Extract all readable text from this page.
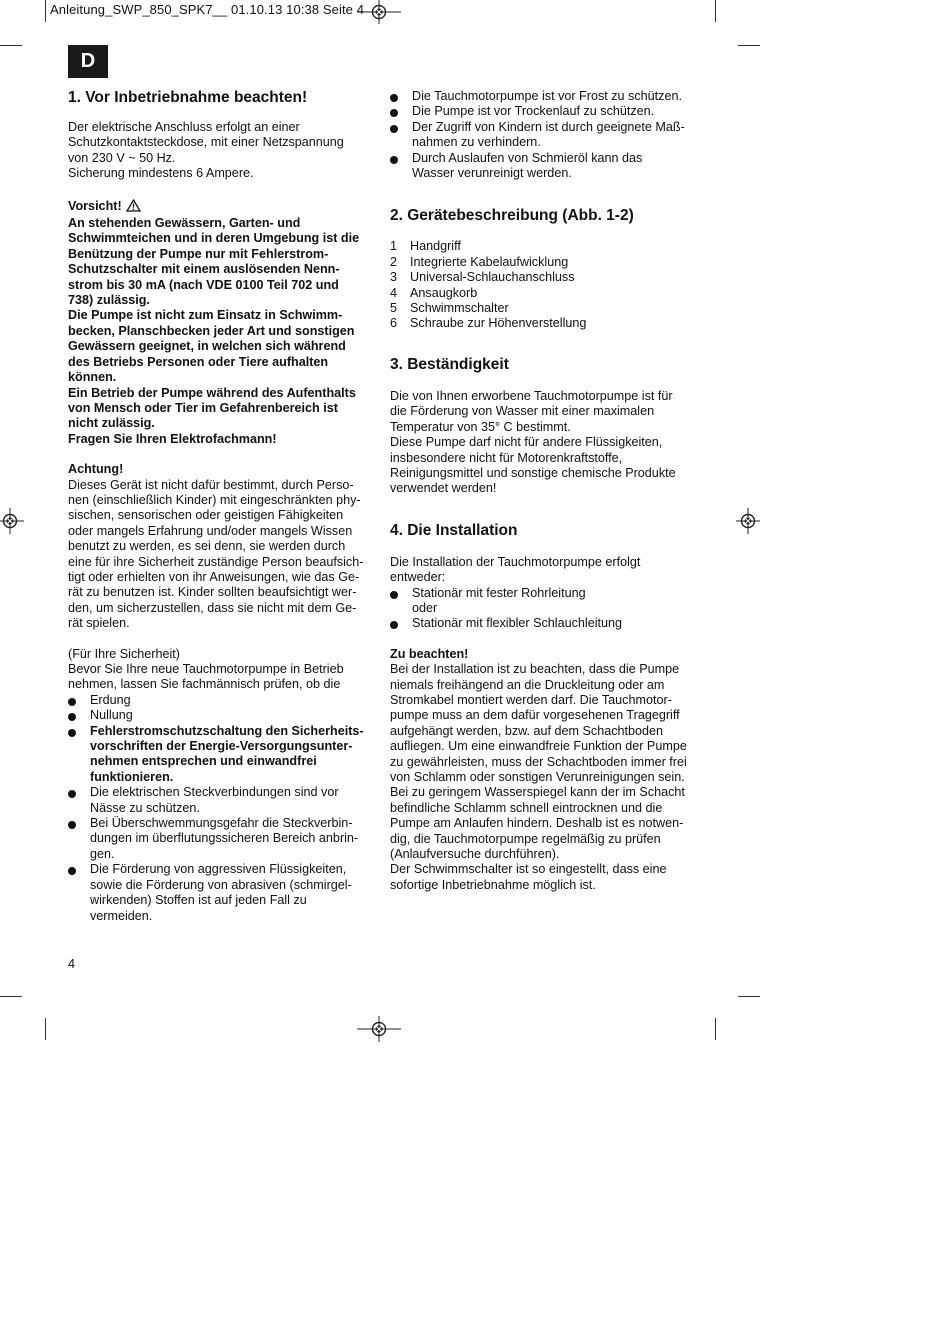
Anleitung_SWP_850_SPK7__ 01.10.13 10:38 Seite 4
D
1. Vor Inbetriebnahme beachten!

Der elektrische Anschluss erfolgt an einer
Schutzkontaktsteckdose, mit einer Netzspannung
von 230 V ~ 50 Hz.
Sicherung mindestens 6 Ampere.

Vorsicht!
An stehenden Gewässern, Garten- und
Schwimmteichen und in deren Umgebung ist die
Benützung der Pumpe nur mit Fehlerstrom-
Schutzschalter mit einem auslösenden Nenn-
strom bis 30 mA (nach VDE 0100 Teil 702 und
738) zulässig.
Die Pumpe ist nicht zum Einsatz in Schwimm-
becken, Planschbecken jeder Art und sonstigen
Gewässern geeignet, in welchen sich während
des Betriebs Personen oder Tiere aufhalten
können.
Ein Betrieb der Pumpe während des Aufenthalts
von Mensch oder Tier im Gefahrenbereich ist
nicht zulässig.
Fragen Sie Ihren Elektrofachmann!

Achtung!
Dieses Gerät ist nicht dafür bestimmt, durch Perso-
nen (einschließlich Kinder) mit eingeschränkten phy-
sischen, sensorischen oder geistigen Fähigkeiten
oder mangels Erfahrung und/oder mangels Wissen
benutzt zu werden, es sei denn, sie werden durch
eine für ihre Sicherheit zuständige Person beaufsich-
tigt oder erhielten von ihr Anweisungen, wie das Ge-
rät zu benutzen ist. Kinder sollten beaufsichtigt wer-
den, um sicherzustellen, dass sie nicht mit dem Ge-
rät spielen.

(Für Ihre Sicherheit)
Bevor Sie Ihre neue Tauchmotorpumpe in Betrieb
nehmen, lassen Sie fachmännisch prüfen, ob die

Erdung
Nullung
Fehlerstromschutzschaltung den Sicherheits-
vorschriften der Energie-Versorgungsunter-
nehmen entsprechen und einwandfrei
funktionieren.
Die elektrischen Steckverbindungen sind vor
Nässe zu schützen.
Bei Überschwemmungsgefahr die Steckverbin-
dungen im überflutungssicheren Bereich anbrin-
gen.
Die Förderung von aggressiven Flüssigkeiten,
sowie die Förderung von abrasiven (schmirgel-
wirkenden) Stoffen ist auf jeden Fall zu
vermeiden.
Die Tauchmotorpumpe ist vor Frost zu schützen.
Die Pumpe ist vor Trockenlauf zu schützen.
Der Zugriff von Kindern ist durch geeignete Maß-
nahmen zu verhindern.
Durch Auslaufen von Schmieröl kann das
Wasser verunreinigt werden.
2. Gerätebeschreibung (Abb. 1-2)
1 Handgriff
2 Integrierte Kabelaufwicklung
3 Universal-Schlauchanschluss
4 Ansaugkorb
5 Schwimmschalter
6 Schraube zur Höhenverstellung
3. Beständigkeit

Die von Ihnen erworbene Tauchmotorpumpe ist für
die Förderung von Wasser mit einer maximalen
Temperatur von 35° C bestimmt.
Diese Pumpe darf nicht für andere Flüssigkeiten,
insbesondere nicht für Motorenkraftstoffe,
Reinigungsmittel und sonstige chemische Produkte
verwendet werden!

4. Die Installation

Die Installation der Tauchmotorpumpe erfolgt
entweder:

Stationär mit fester Rohrleitung
oder
Stationär mit flexibler Schlauchleitung

Zu beachten!
Bei der Installation ist zu beachten, dass die Pumpe
niemals freihängend an die Druckleitung oder am
Stromkabel montiert werden darf. Die Tauchmotor-
pumpe muss an dem dafür vorgesehenen Tragegriff
aufgehängt werden, bzw. auf dem Schachtboden
aufliegen. Um eine einwandfreie Funktion der Pumpe
zu gewährleisten, muss der Schachtboden immer frei
von Schlamm oder sonstigen Verunreinigungen sein.
Bei zu geringem Wasserspiegel kann der im Schacht
befindliche Schlamm schnell eintrocknen und die
Pumpe am Anlaufen hindern. Deshalb ist es notwen-
dig, die Tauchmotorpumpe regelmäßig zu prüfen
(Anlaufversuche durchführen).
Der Schwimmschalter ist so eingestellt, dass eine
sofortige Inbetriebnahme möglich ist.

4
